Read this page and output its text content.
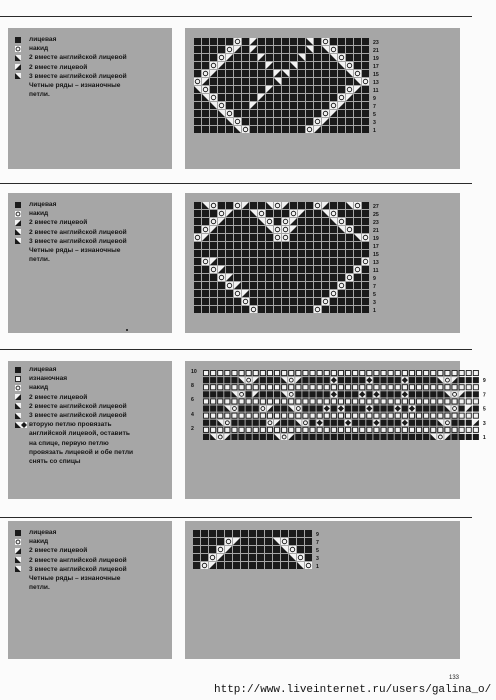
лицевая
накид
2 вместе английской лицевой
2 вместе лицевой
3 вместе английской лицевой
Четные ряды – изнаночные
петли.
23
21
19
17
15
13
11
9
7
5
3
1
лицевая
накид
2 вместе лицевой
2 вместе английской лицевой
3 вместе английской лицевой
Четные ряды – изнаночные
петли.
27
25
23
21
19
17
15
13
11
9
7
5
3
1
лицевая
изнаночная
накид
2 вместе лицевой
2 вместе английской лицевой
3 вместе английской лицевой
вторую петлю провязать
английской лицевой, оставить
на спице, первую петлю
провязать лицевой и обе петли
снять со спицы
9
7
5
3
1
10
8
6
4
2
лицевая
накид
2 вместе лицевой
2 вместе английской лицевой
3 вместе английской лицевой
Четные ряды – изнаночные
петли.
9
7
5
3
1
133
http://www.liveinternet.ru/users/galina_o/
